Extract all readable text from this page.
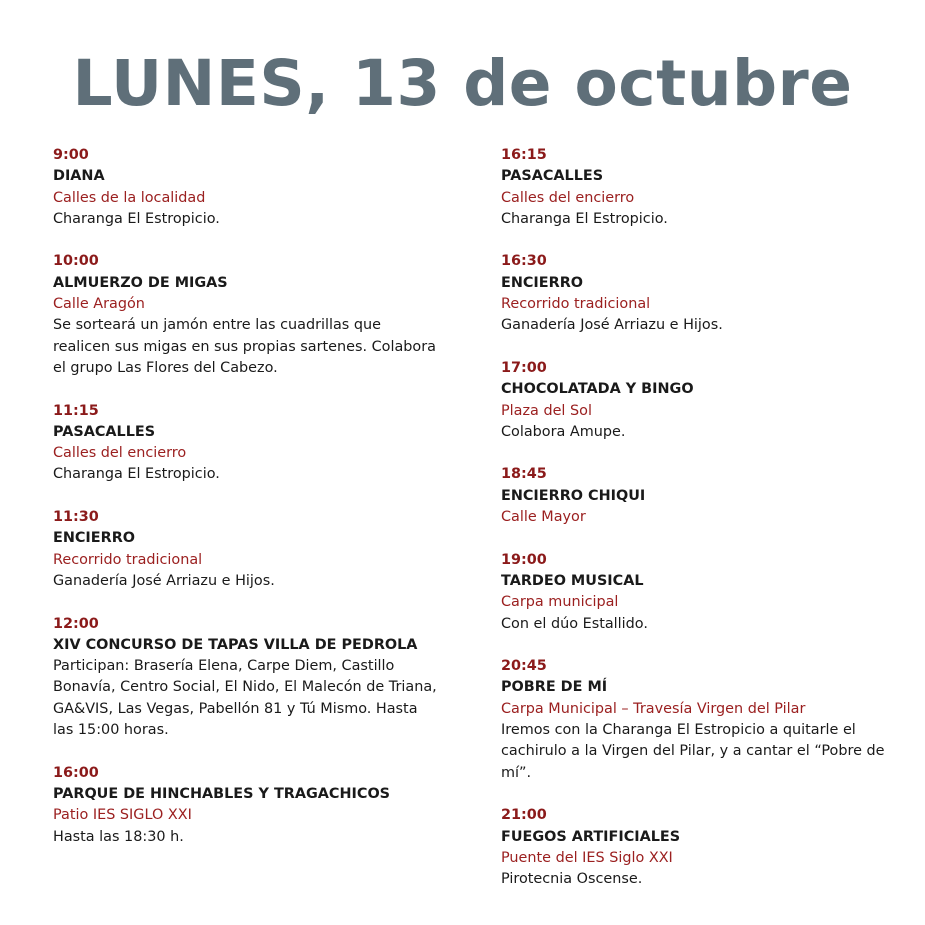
LUNES, 13 de octubre
9:00
DIANA
Calles de la localidad
Charanga El Estropicio.
10:00
ALMUERZO DE MIGAS
Calle Aragón
Se sorteará un jamón entre las cuadrillas que realicen sus migas en sus propias sartenes. Colabora el grupo Las Flores del Cabezo.
11:15
PASACALLES
Calles del encierro
Charanga El Estropicio.
11:30
ENCIERRO
Recorrido tradicional
Ganadería José Arriazu e Hijos.
12:00
XIV CONCURSO DE TAPAS VILLA DE PEDROLA
Participan: Brasería Elena, Carpe Diem, Castillo Bonavía, Centro Social, El Nido, El Malecón de Triana, GA&VIS, Las Vegas, Pabellón 81 y Tú Mismo. Hasta las 15:00 horas.
16:00
PARQUE DE HINCHABLES Y TRAGACHICOS
Patio IES SIGLO XXI
Hasta las 18:30 h.
16:15
PASACALLES
Calles del encierro
Charanga El Estropicio.
16:30
ENCIERRO
Recorrido tradicional
Ganadería José Arriazu e Hijos.
17:00
CHOCOLATADA Y BINGO
Plaza del Sol
Colabora Amupe.
18:45
ENCIERRO CHIQUI
Calle Mayor
19:00
TARDEO MUSICAL
Carpa municipal
Con el dúo Estallido.
20:45
POBRE DE MÍ
Carpa Municipal – Travesía Virgen del Pilar
Iremos con la Charanga El Estropicio a quitarle el cachirulo a la Virgen del Pilar, y a cantar el “Pobre de mí”.
21:00
FUEGOS ARTIFICIALES
Puente del IES Siglo XXI
Pirotecnia Oscense.
